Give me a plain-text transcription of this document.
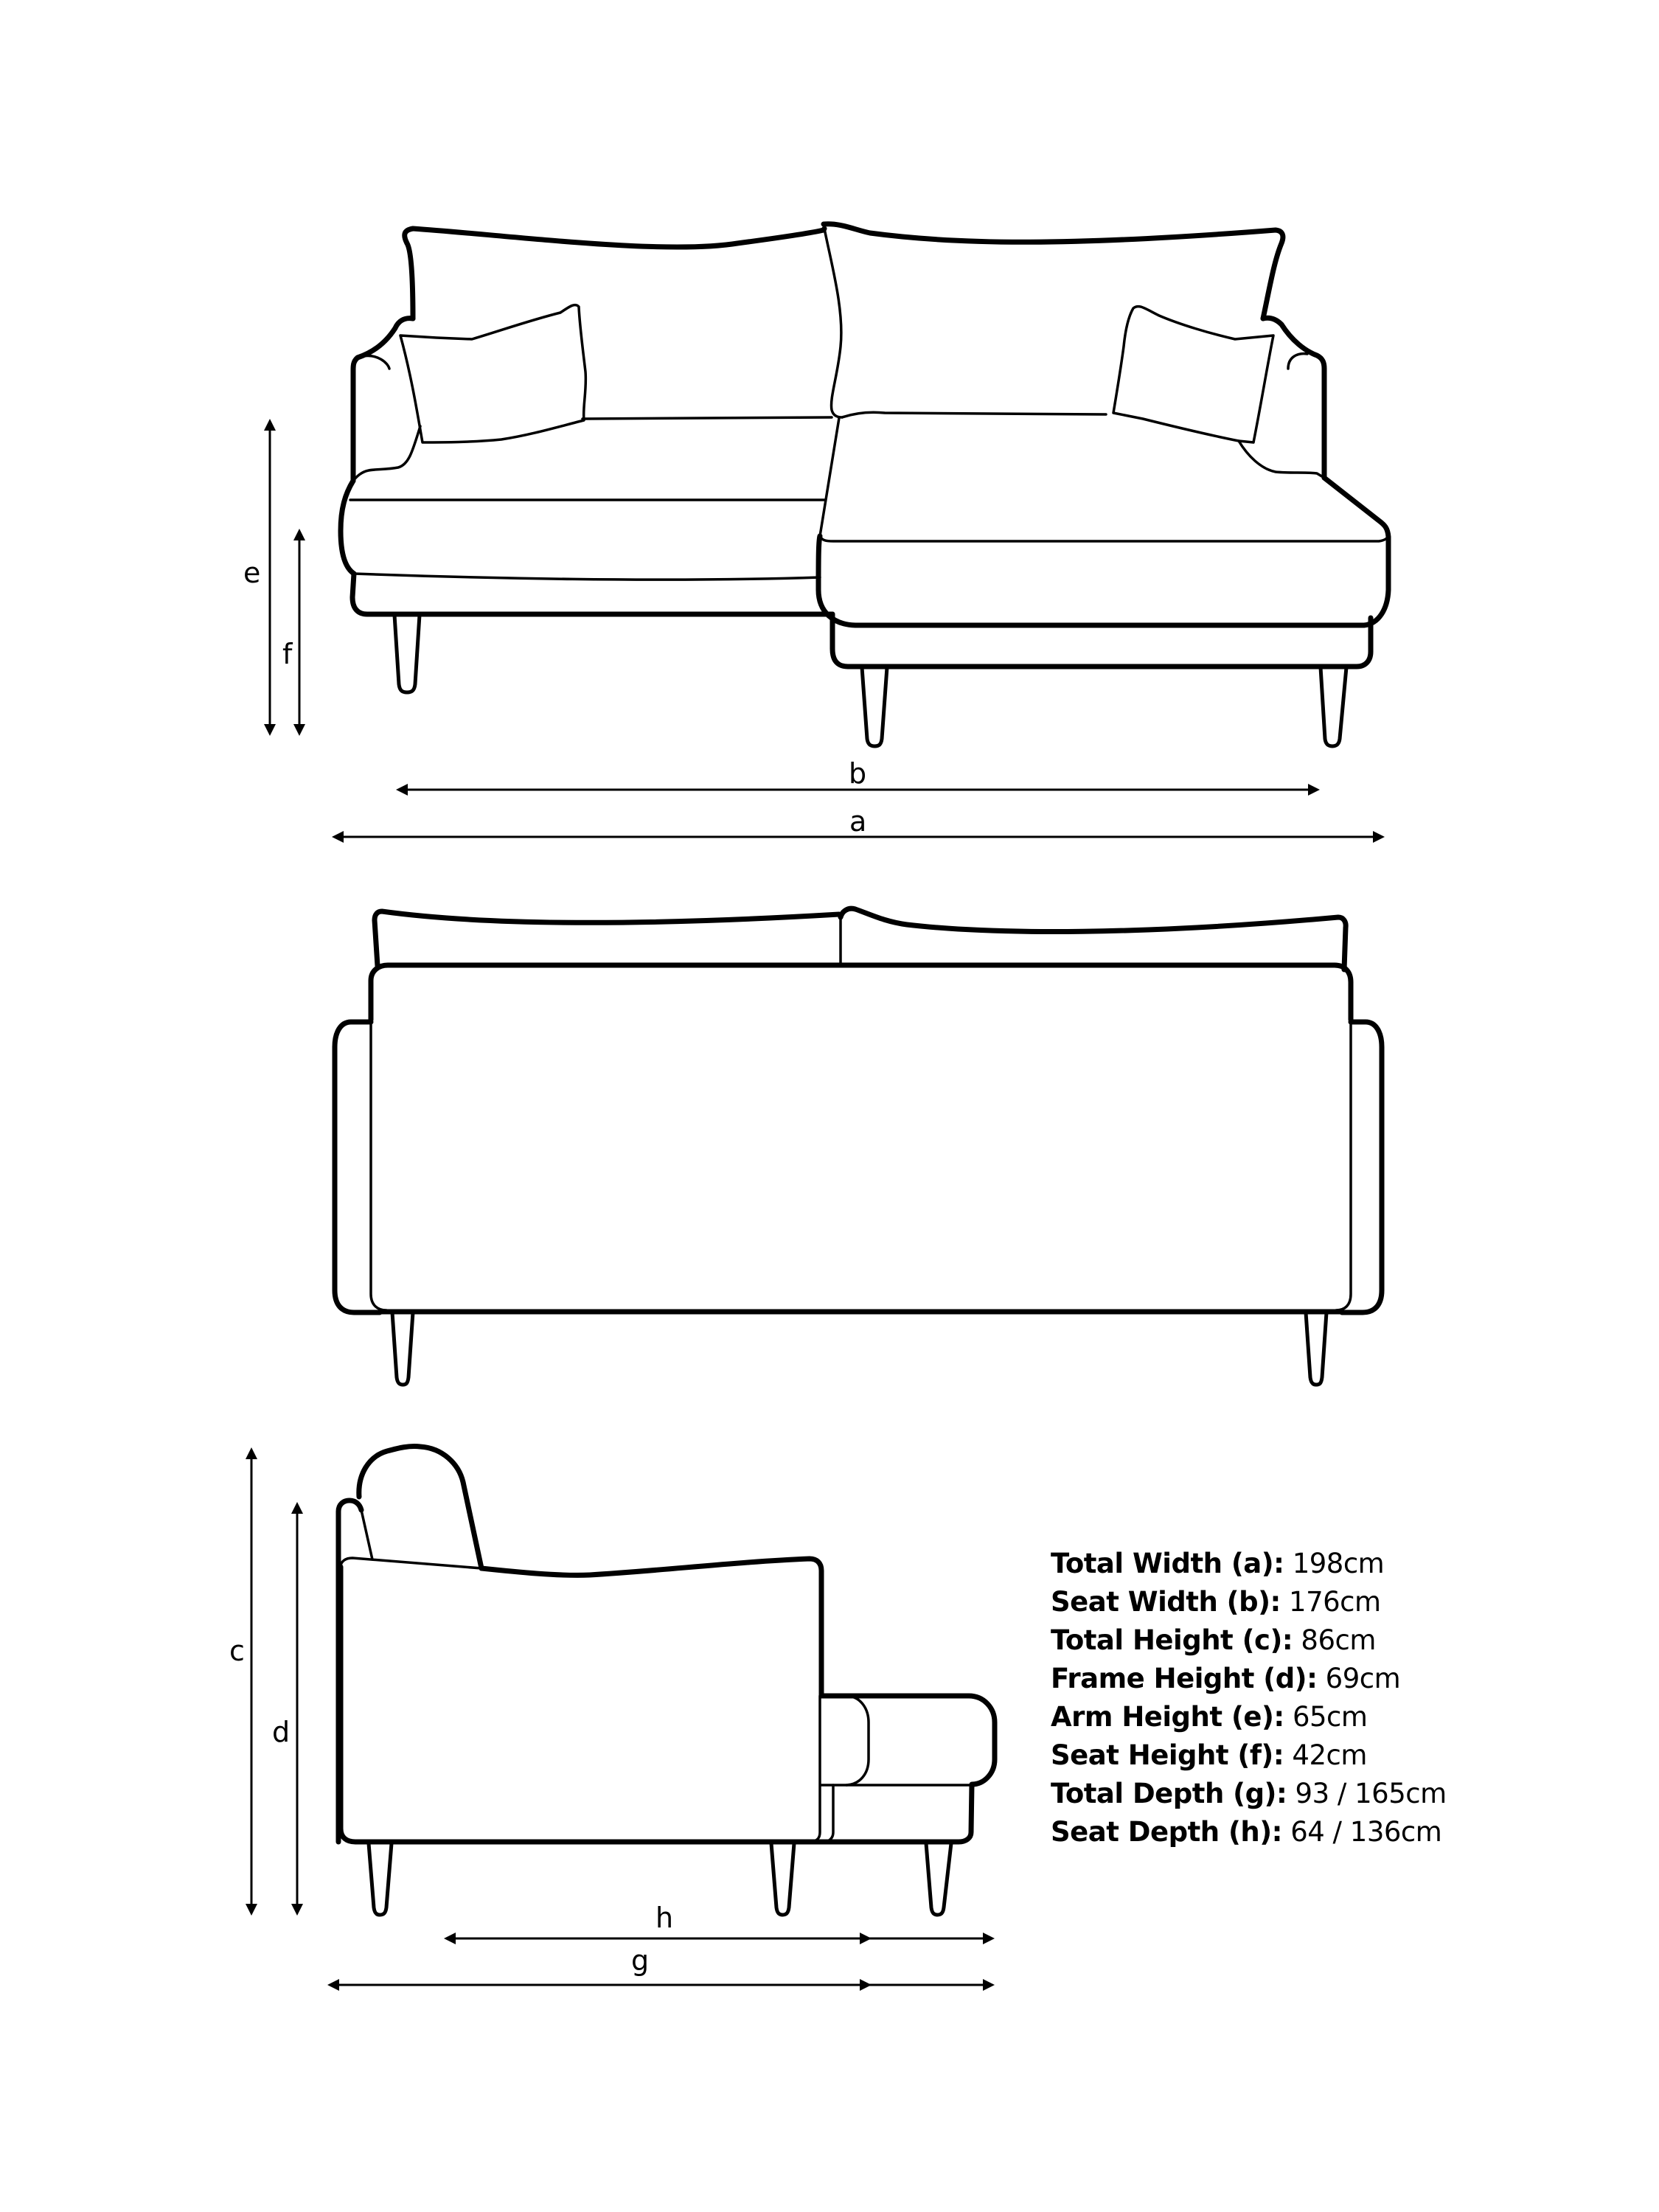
e
f
b
a
c
d
h
g
Total Width (a): 198cm
Seat Width (b): 176cm
Total Height (c): 86cm
Frame Height (d): 69cm
Arm Height (e): 65cm
Seat Height (f): 42cm
Total Depth (g): 93 / 165cm
Seat Depth (h): 64 / 136cm
